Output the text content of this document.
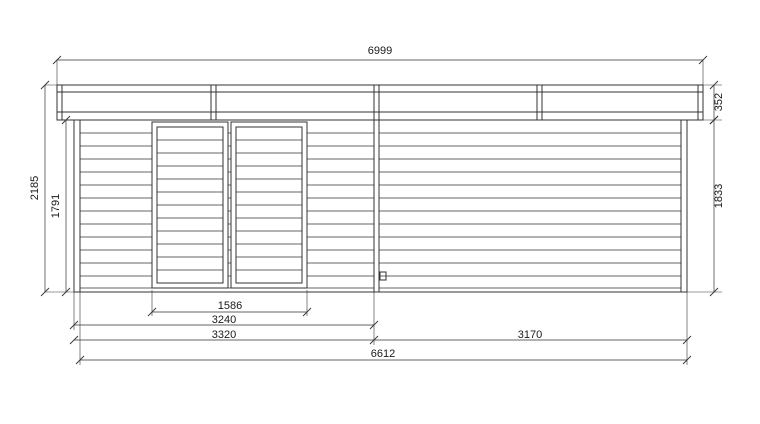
6999
1586
3240
3320	3170
6612
2185
1791
352
1833
